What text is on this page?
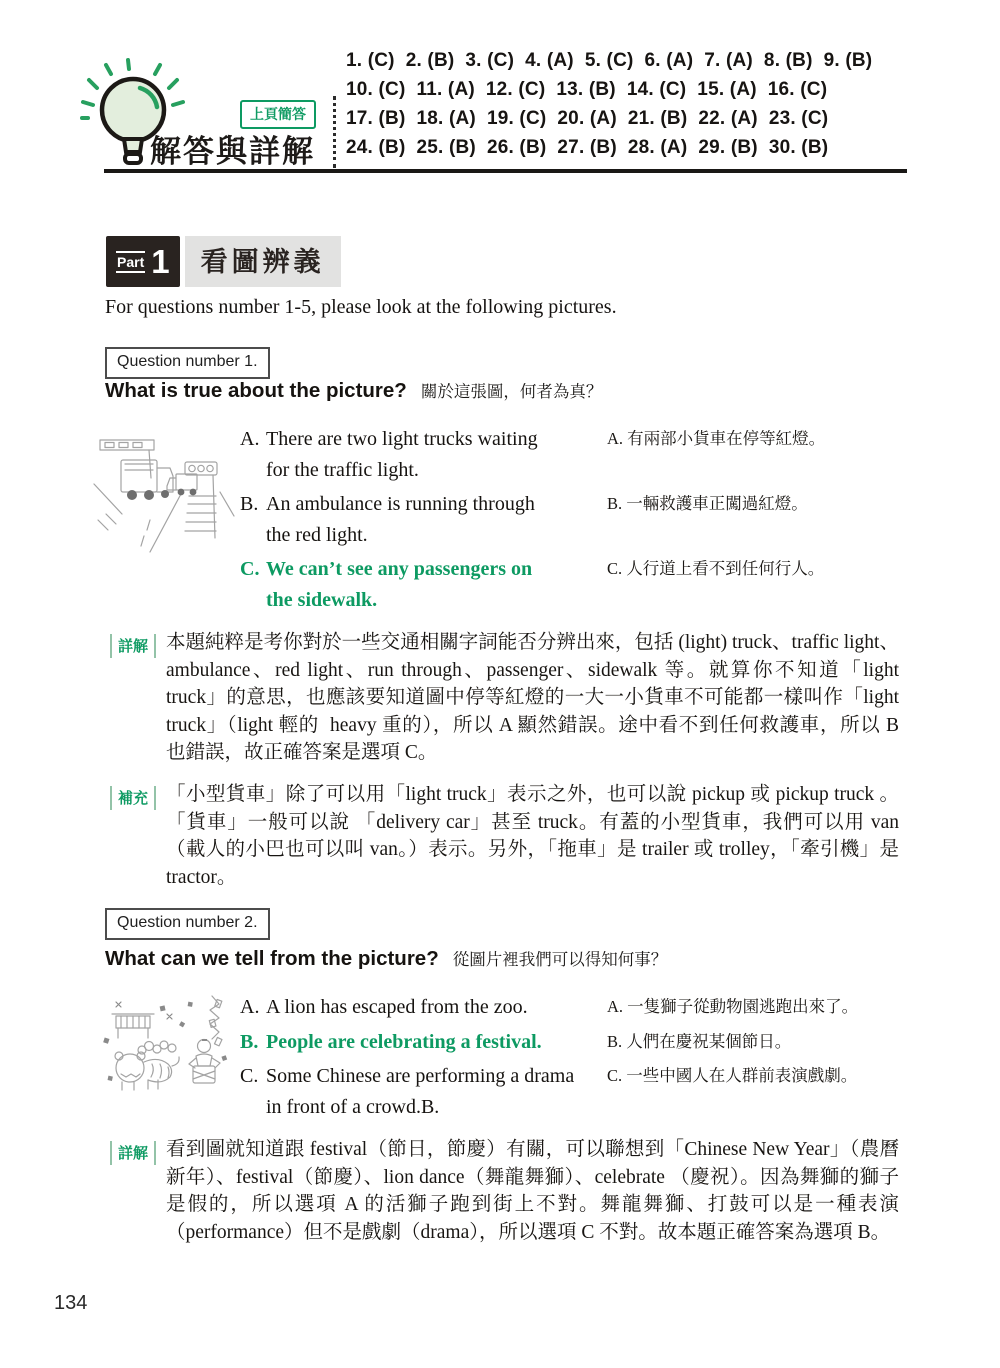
上頁簡答
解答與詳解
1. (C) 2. (B) 3. (C) 4. (A) 5. (C) 6. (A) 7. (A) 8. (B) 9. (B)
10. (C) 11. (A) 12. (C) 13. (B) 14. (C) 15. (A) 16. (C)
17. (B) 18. (A) 19. (C) 20. (A) 21. (B) 22. (A) 23. (C)
24. (B) 25. (B) 26. (B) 27. (B) 28. (A) 29. (B) 30. (B)
Part 1	看圖辨義

For questions number 1-5, please look at the following pictures.

Question number 1.
What is true about the picture? 關於這張圖，何者為真？
A. There are two light trucks waiting
for the traffic light.
A. 有兩部小貨車在停等紅燈。
B. An ambulance is running through
the red light.
B. 一輛救護車正闖過紅燈。
C. We can’t see any passengers on
the sidewalk.
C. 人行道上看不到任何行人。
詳解 本題純粹是考你對於一些交通相關字詞能否分辨出來，包括 (light) truck、traffic light、ambulance、red light、run through、passenger、sidewalk 等。就算你不知道「light truck」的意思，也應該要知道圖中停等紅燈的一大一小貨車不可能都一樣叫作「light truck」（light 輕的  heavy 重的），所以 A 顯然錯誤。途中看不到任何救護車，所以 B 也錯誤，故正確答案是選項 C。

補充 「小型貨車」除了可以用「light truck」表示之外，也可以說 pickup 或 pickup truck 。「貨車」一般可以說 「delivery car」甚至 truck。有蓋的小型貨車，我們可以用 van（載人的小巴也可以叫 van。）表示。另外，「拖車」是 trailer 或 trolley，「牽引機」是 tractor。

Question number 2.
What can we tell from the picture? 從圖片裡我們可以得知何事？
A. A lion has escaped from the zoo.	A. 一隻獅子從動物園逃跑出來了。
B. People are celebrating a festival.	B. 人們在慶祝某個節日。
C. Some Chinese are performing a drama
in front of a crowd.B.
C. 一些中國人在人群前表演戲劇。
詳解 看到圖就知道跟 festival（節日，節慶）有關，可以聯想到「Chinese New Year」（農曆新年）、festival（節慶）、lion dance（舞龍舞獅）、celebrate （慶祝）。因為舞獅的獅子是假的，所以選項 A 的活獅子跑到街上不對。舞龍舞獅、打鼓可以是一種表演（performance）但不是戲劇（drama），所以選項 C 不對。故本題正確答案為選項 B。

134
